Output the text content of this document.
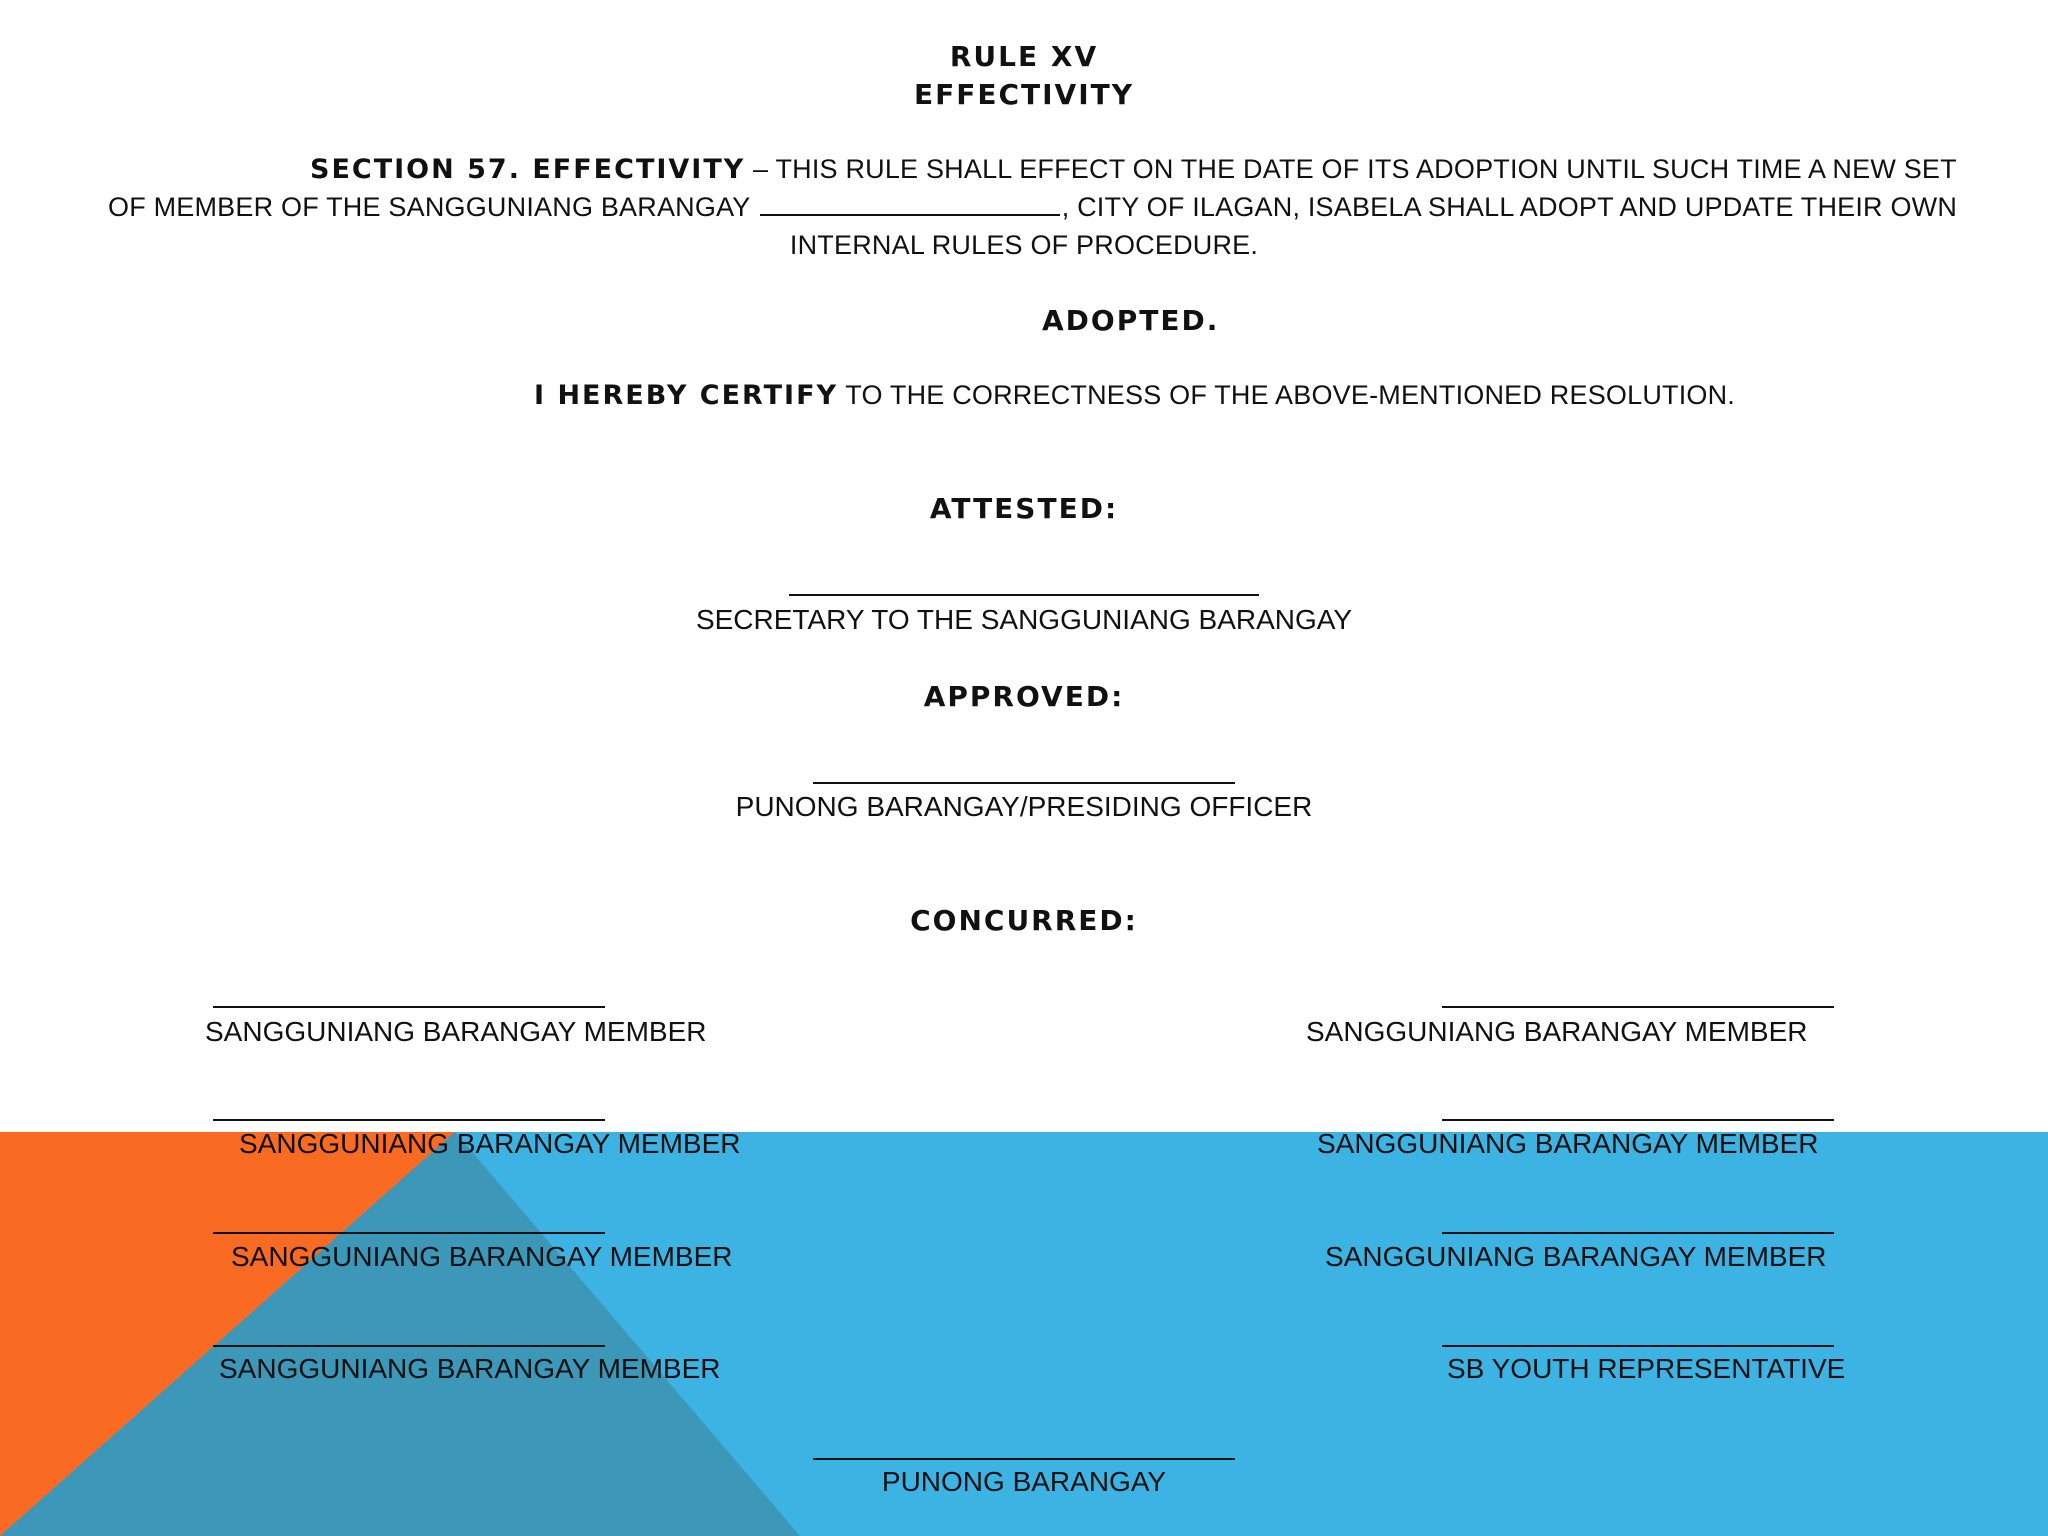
RULE XV
EFFECTIVITY
SECTION 57. EFFECTIVITY – THIS RULE SHALL EFFECT ON THE DATE OF ITS ADOPTION UNTIL SUCH TIME A NEW SET
OF MEMBER OF THE SANGGUNIANG BARANGAY	, CITY OF ILAGAN, ISABELA SHALL ADOPT AND UPDATE THEIR OWN
INTERNAL RULES OF PROCEDURE.
ADOPTED.
I HEREBY CERTIFY TO THE CORRECTNESS OF THE ABOVE-MENTIONED RESOLUTION.
ATTESTED:
SECRETARY TO THE SANGGUNIANG BARANGAY
APPROVED:
PUNONG BARANGAY/PRESIDING OFFICER
CONCURRED:
SANGGUNIANG BARANGAY MEMBER
SANGGUNIANG BARANGAY MEMBER
SANGGUNIANG BARANGAY MEMBER
SANGGUNIANG BARANGAY MEMBER
SANGGUNIANG BARANGAY MEMBER
SANGGUNIANG BARANGAY MEMBER
SANGGUNIANG BARANGAY MEMBER
SB YOUTH REPRESENTATIVE
PUNONG BARANGAY
